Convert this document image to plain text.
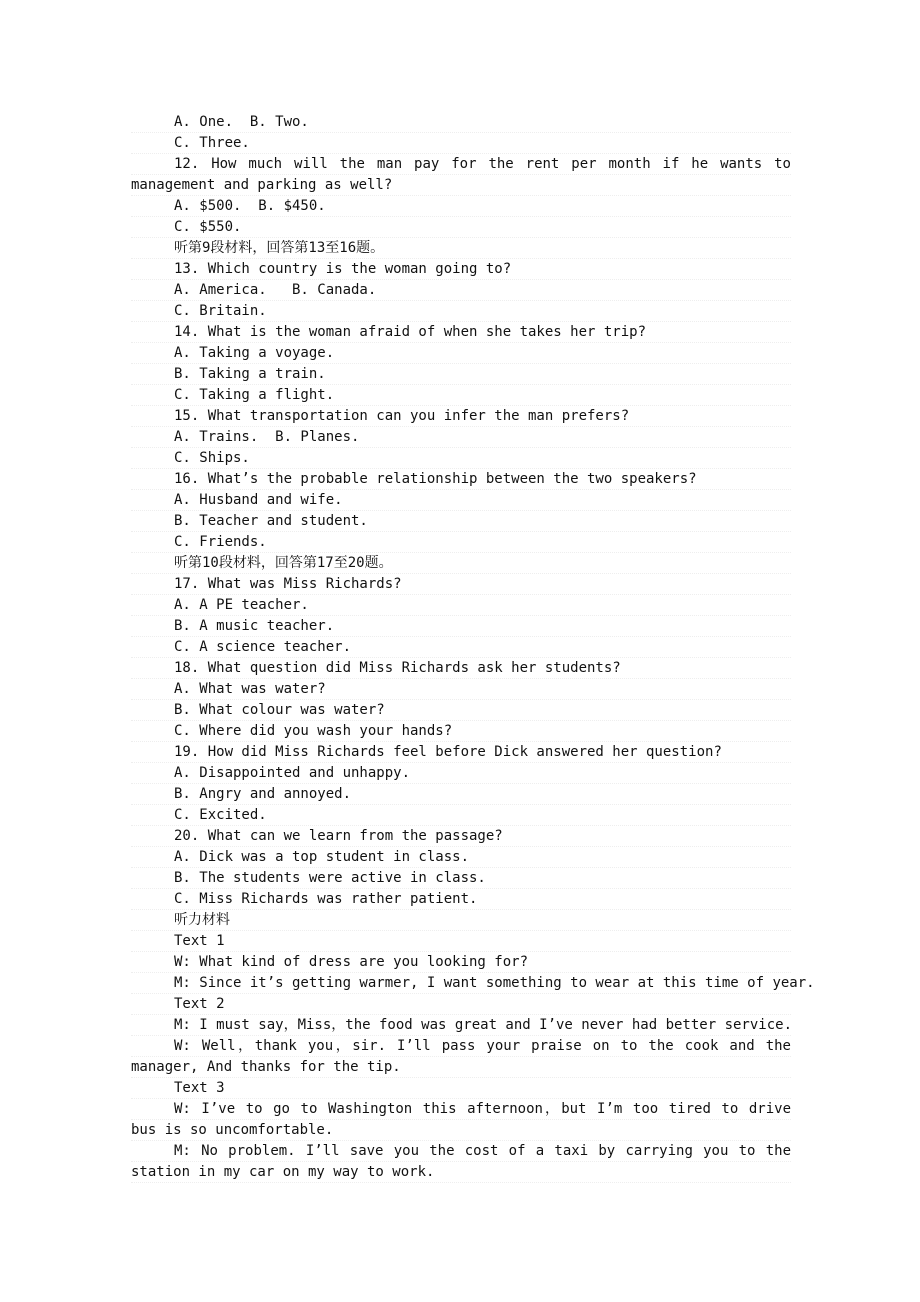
A. One.  B. Two.
C. Three.
12. How much will the man pay for the rent per month if he wants to
management and parking as well?
A. $500.  B. $450.
C. $550.
听第9段材料，回答第13至16题。
13. Which country is the woman going to?
A. America.   B. Canada.
C. Britain.
14. What is the woman afraid of when she takes her trip?
A. Taking a voyage.
B. Taking a train.
C. Taking a flight.
15. What transportation can you infer the man prefers?
A. Trains.  B. Planes.
C. Ships.
16. What’s the probable relationship between the two speakers?
A. Husband and wife.
B. Teacher and student.
C. Friends.
听第10段材料，回答第17至20题。
17. What was Miss Richards?
A. A PE teacher.
B. A music teacher.
C. A science teacher.
18. What question did Miss Richards ask her students?
A. What was water?
B. What colour was water?
C. Where did you wash your hands?
19. How did Miss Richards feel before Dick answered her question?
A. Disappointed and unhappy.
B. Angry and annoyed.
C. Excited.
20. What can we learn from the passage?
A. Dick was a top student in class.
B. The students were active in class.
C. Miss Richards was rather patient.
听力材料
Text 1
W: What kind of dress are you looking for?
M: Since it’s getting warmer, I want something to wear at this time of year.
Text 2
M: I must say，Miss，the food was great and I’ve never had better service.
W: Well，thank you，sir. I’ll pass your praise on to the cook and the
manager, And thanks for the tip.
Text 3
W: I’ve to go to Washington this afternoon，but I’m too tired to drive
bus is so uncomfortable.
M: No problem. I’ll save you the cost of a taxi by carrying you to the
station in my car on my way to work.
